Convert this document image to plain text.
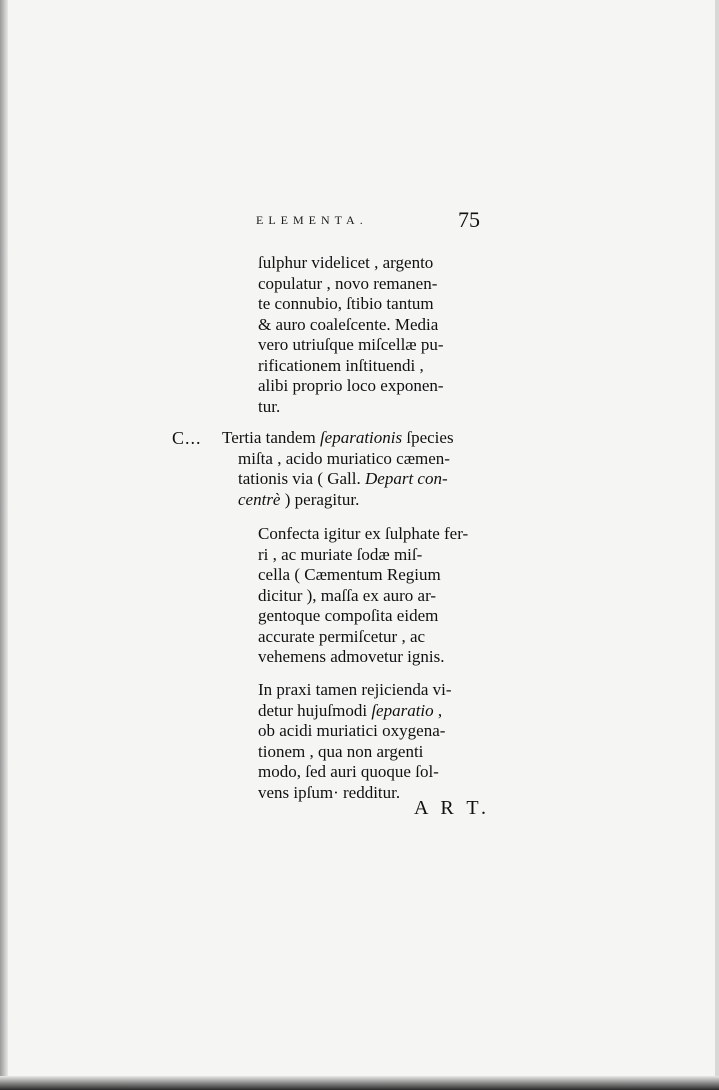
ELEMENTA.	75
ſulphur videlicet , argento
copulatur , novo remanen-
te connubio, ſtibio tantum
& auro coaleſcente. Media
vero utriuſque miſcellæ pu-
rificationem inſtituendi ,
alibi proprio loco exponen-
tur.
C... Tertia tandem ſeparationis ſpecies
miſta , acido muriatico cæmen-
tationis via ( Gall. Depart con-
centrè ) peragitur.
Confecta igitur ex ſulphate fer-
ri , ac muriate ſodæ miſ-
cella ( Cæmentum Regium
dicitur ), maſſa ex auro ar-
gentoque compoſita eidem
accurate permiſcetur , ac
vehemens admovetur ignis.
In praxi tamen rejicienda vi-
detur hujuſmodi ſeparatio ,
ob acidi muriatici oxygena-
tionem , qua non argenti
modo, ſed auri quoque ſol-
vens ipſum· redditur.
A R T.
